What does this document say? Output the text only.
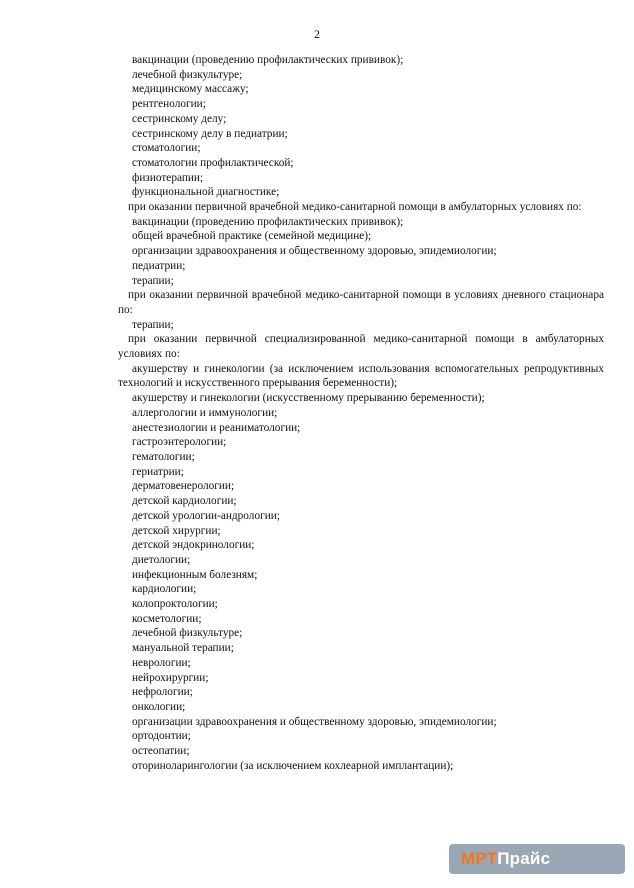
2

вакцинации (проведению профилактических прививок);

лечебной физкультуре;

медицинскому массажу;

рентгенологии;

сестринскому делу;

сестринскому делу в педиатрии;

стоматологии;

стоматологии профилактической;

физиотерапии;

функциональной диагностике;

при оказании первичной врачебной медико-санитарной помощи в амбулаторных условиях по:

вакцинации (проведению профилактических прививок);

общей врачебной практике (семейной медицине);

организации здравоохранения и общественному здоровью, эпидемиологии;

педиатрии;

терапии;

при оказании первичной врачебной медико-санитарной помощи в условиях дневного стационара по:

терапии;

при оказании первичной специализированной медико-санитарной помощи в амбулаторных условиях по:

акушерству и гинекологии (за исключением использования вспомогательных репродуктивных технологий и искусственного прерывания беременности);

акушерству и гинекологии (искусственному прерыванию беременности);

аллергологии и иммунологии;

анестезиологии и реаниматологии;

гастроэнтерологии;

гематологии;

гериатрии;

дерматовенерологии;

детской кардиологии;

детской урологии-андрологии;

детской хирургии;

детской эндокринологии;

диетологии;

инфекционным болезням;

кардиологии;

колопроктологии;

косметологии;

лечебной физкультуре;

мануальной терапии;

неврологии;

нейрохирургии;

нефрологии;

онкологии;

организации здравоохранения и общественному здоровью, эпидемиологии;

ортодонтии;

остеопатии;

оториноларингологии (за исключением кохлеарной имплантации);

МРТ Прайс
